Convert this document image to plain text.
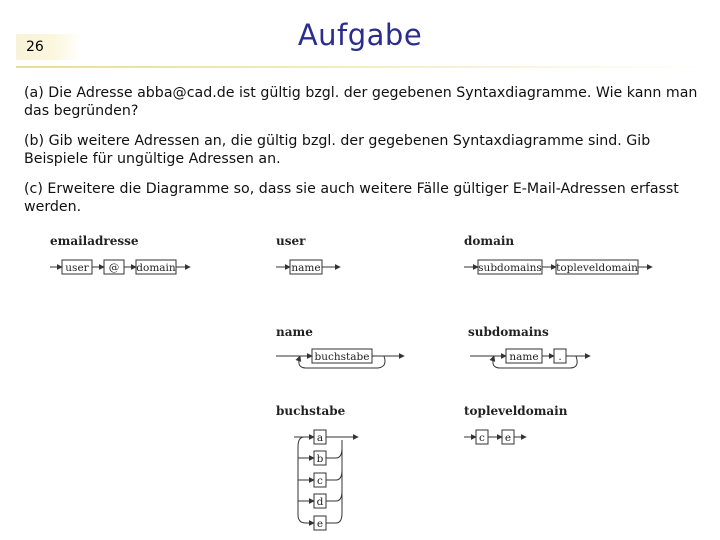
26	Aufgabe
(a) Die Adresse abba@cad.de ist gültig bzgl. der gegebenen Syntaxdiagramme. Wie kann man das begründen?
(b) Gib weitere Adressen an, die gültig bzgl. der gegebenen Syntaxdiagramme sind. Gib Beispiele für ungültige Adressen an.
(c) Erweitere die Diagramme so, dass sie auch weitere Fälle gültiger E-Mail-Adressen erfasst werden.
emailadresse	user	domain
name	subdomains
buchstabe	topleveldomain
user @ domain	name	subdomains topleveldomain
buchstabe	name .
a
b
c
d
e
c e
